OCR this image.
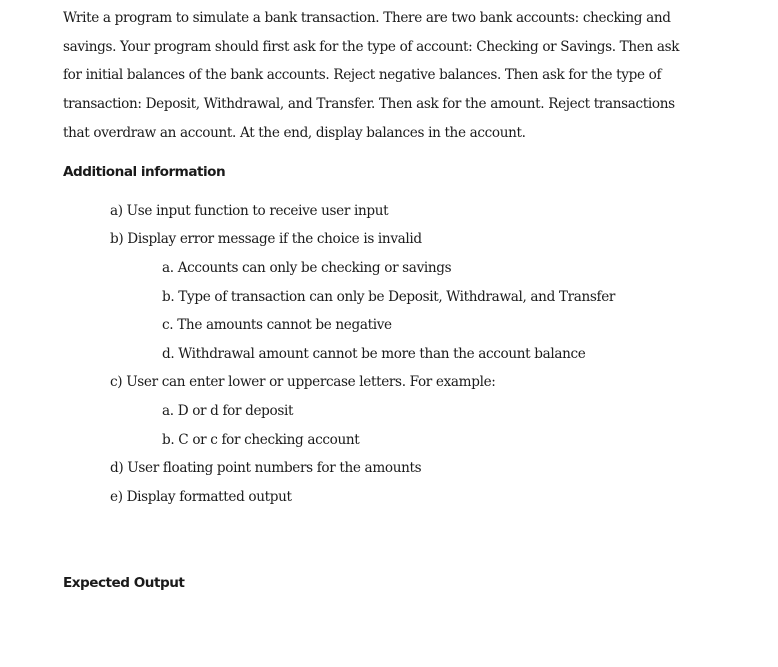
Write a program to simulate a bank transaction. There are two bank accounts: checking and
savings. Your program should first ask for the type of account: Checking or Savings. Then ask
for initial balances of the bank accounts. Reject negative balances. Then ask for the type of
transaction: Deposit, Withdrawal, and Transfer. Then ask for the amount. Reject transactions
that overdraw an account. At the end, display balances in the account.
Additional information
a) Use input function to receive user input
b) Display error message if the choice is invalid
a. Accounts can only be checking or savings
b. Type of transaction can only be Deposit, Withdrawal, and Transfer
c. The amounts cannot be negative
d. Withdrawal amount cannot be more than the account balance
c) User can enter lower or uppercase letters. For example:
a. D or d for deposit
b. C or c for checking account
d) User floating point numbers for the amounts
e) Display formatted output
Expected Output
